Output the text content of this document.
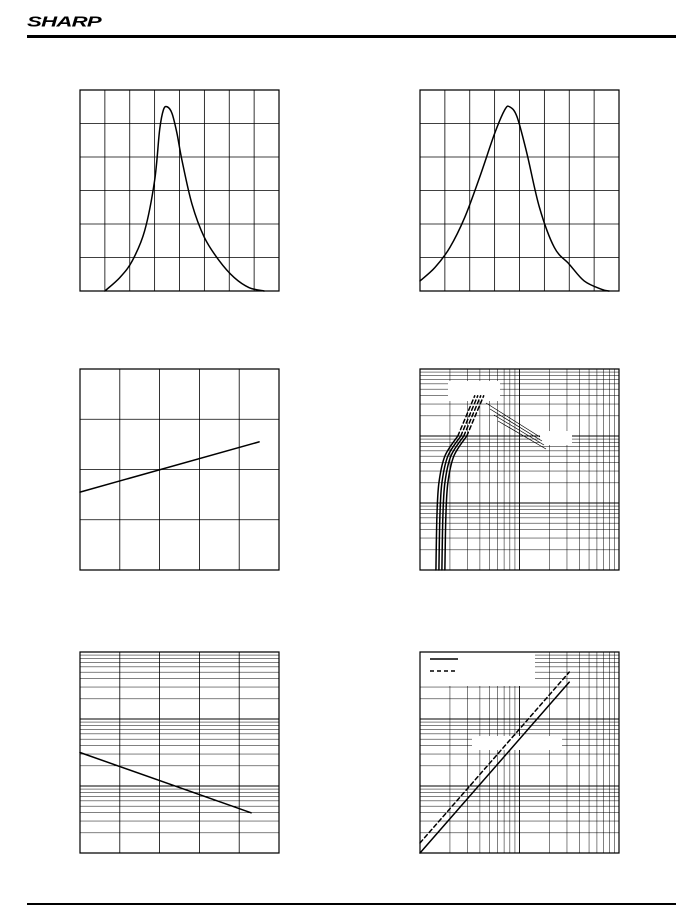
SHARP
